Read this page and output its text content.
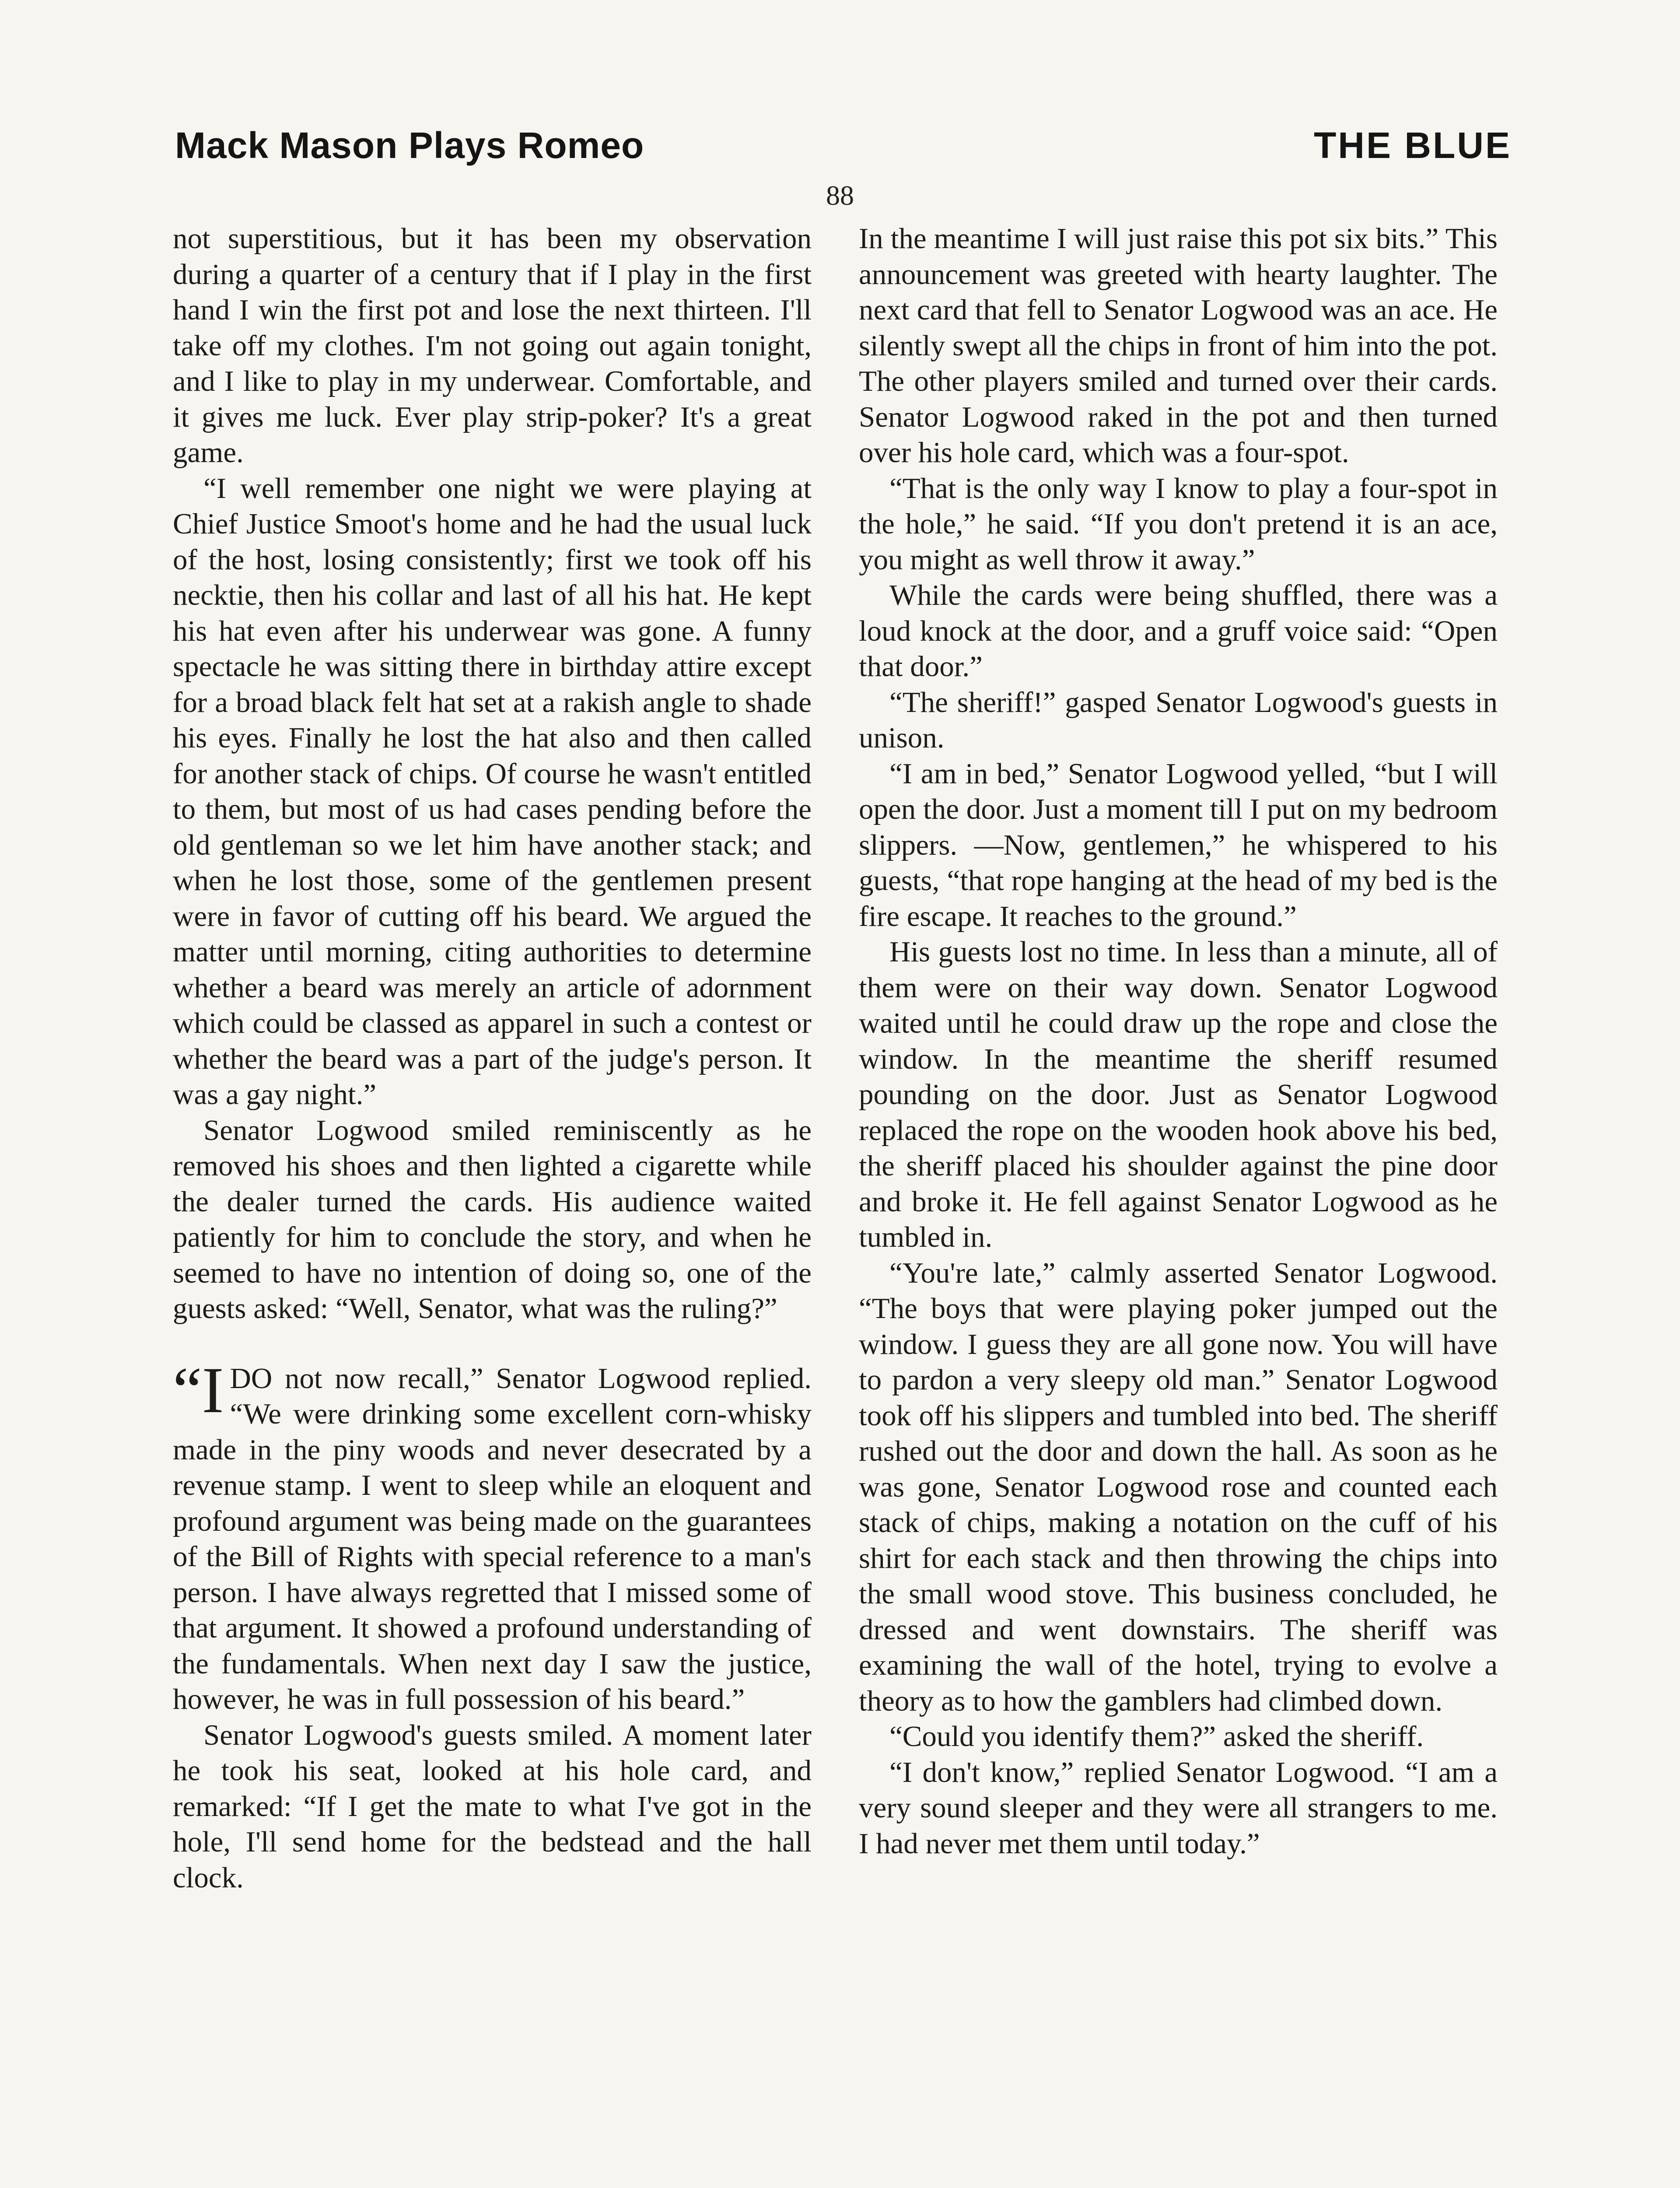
Mack Mason Plays Romeo	THE BLUE
88

not superstitious, but it has been my observation during a quarter of a century that if I play in the first hand I win the first pot and lose the next thirteen. I'll take off my clothes. I'm not going out again tonight, and I like to play in my underwear. Comfortable, and it gives me luck. Ever play strip-poker? It's a great game.

“I well remember one night we were playing at Chief Justice Smoot's home and he had the usual luck of the host, losing consistently; first we took off his necktie, then his collar and last of all his hat. He kept his hat even after his underwear was gone. A funny spectacle he was sitting there in birthday attire except for a broad black felt hat set at a rakish angle to shade his eyes. Finally he lost the hat also and then called for another stack of chips. Of course he wasn't entitled to them, but most of us had cases pending before the old gentleman so we let him have another stack; and when he lost those, some of the gentlemen present were in favor of cutting off his beard. We argued the matter until morning, citing authorities to determine whether a beard was merely an article of adornment which could be classed as apparel in such a contest or whether the beard was a part of the judge's person. It was a gay night.”

Senator Logwood smiled reminiscently as he removed his shoes and then lighted a cigarette while the dealer turned the cards. His audience waited patiently for him to conclude the story, and when he seemed to have no intention of doing so, one of the guests asked: “Well, Senator, what was the ruling?”

“IDO not now recall,” Senator Logwood replied. “We were drinking some excellent corn-whisky made in the piny woods and never desecrated by a revenue stamp. I went to sleep while an eloquent and profound argument was being made on the guarantees of the Bill of Rights with special reference to a man's person. I have always regretted that I missed some of that argument. It showed a profound understanding of the fundamentals. When next day I saw the justice, however, he was in full possession of his beard.”

Senator Logwood's guests smiled. A moment later he took his seat, looked at his hole card, and remarked: “If I get the mate to what I've got in the hole, I'll send home for the bedstead and the hall clock.

In the meantime I will just raise this pot six bits.” This announcement was greeted with hearty laughter. The next card that fell to Senator Logwood was an ace. He silently swept all the chips in front of him into the pot. The other players smiled and turned over their cards. Senator Logwood raked in the pot and then turned over his hole card, which was a four-spot.

“That is the only way I know to play a four-spot in the hole,” he said. “If you don't pretend it is an ace, you might as well throw it away.”

While the cards were being shuffled, there was a loud knock at the door, and a gruff voice said: “Open that door.”

“The sheriff!” gasped Senator Logwood's guests in unison.

“I am in bed,” Senator Logwood yelled, “but I will open the door. Just a moment till I put on my bedroom slippers. —Now, gentlemen,” he whispered to his guests, “that rope hanging at the head of my bed is the fire escape. It reaches to the ground.”

His guests lost no time. In less than a minute, all of them were on their way down. Senator Logwood waited until he could draw up the rope and close the window. In the meantime the sheriff resumed pounding on the door. Just as Senator Logwood replaced the rope on the wooden hook above his bed, the sheriff placed his shoulder against the pine door and broke it. He fell against Senator Logwood as he tumbled in.

“You're late,” calmly asserted Senator Logwood. “The boys that were playing poker jumped out the window. I guess they are all gone now. You will have to pardon a very sleepy old man.” Senator Logwood took off his slippers and tumbled into bed. The sheriff rushed out the door and down the hall. As soon as he was gone, Senator Logwood rose and counted each stack of chips, making a notation on the cuff of his shirt for each stack and then throwing the chips into the small wood stove. This business concluded, he dressed and went downstairs. The sheriff was examining the wall of the hotel, trying to evolve a theory as to how the gamblers had climbed down.

“Could you identify them?” asked the sheriff.

“I don't know,” replied Senator Logwood. “I am a very sound sleeper and they were all strangers to me. I had never met them until today.”
